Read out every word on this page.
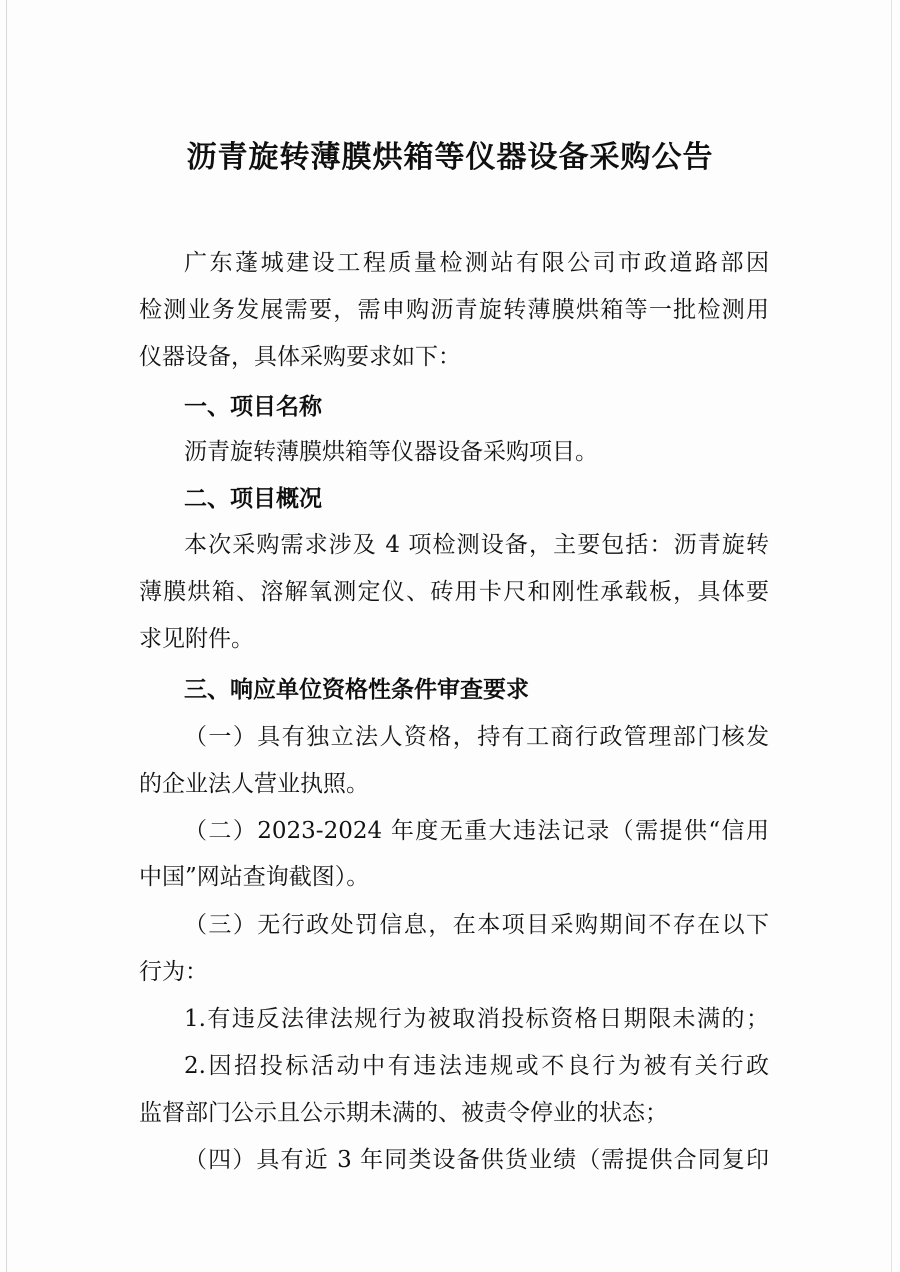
沥青旋转薄膜烘箱等仪器设备采购公告
广东蓬城建设工程质量检测站有限公司市政道路部因
检测业务发展需要，需申购沥青旋转薄膜烘箱等一批检测用
仪器设备，具体采购要求如下：
一、项目名称
沥青旋转薄膜烘箱等仪器设备采购项目。
二、项目概况
本次采购需求涉及 4 项检测设备，主要包括：沥青旋转
薄膜烘箱、溶解氧测定仪、砖用卡尺和刚性承载板，具体要
求见附件。
三、响应单位资格性条件审查要求
（一）具有独立法人资格，持有工商行政管理部门核发
的企业法人营业执照。
（二）2023-2024 年度无重大违法记录（需提供“信用
中国”网站查询截图）。
（三）无行政处罚信息，在本项目采购期间不存在以下
行为：
1.有违反法律法规行为被取消投标资格日期限未满的；
2.因招投标活动中有违法违规或不良行为被有关行政
监督部门公示且公示期未满的、被责令停业的状态；
（四）具有近 3 年同类设备供货业绩（需提供合同复印
